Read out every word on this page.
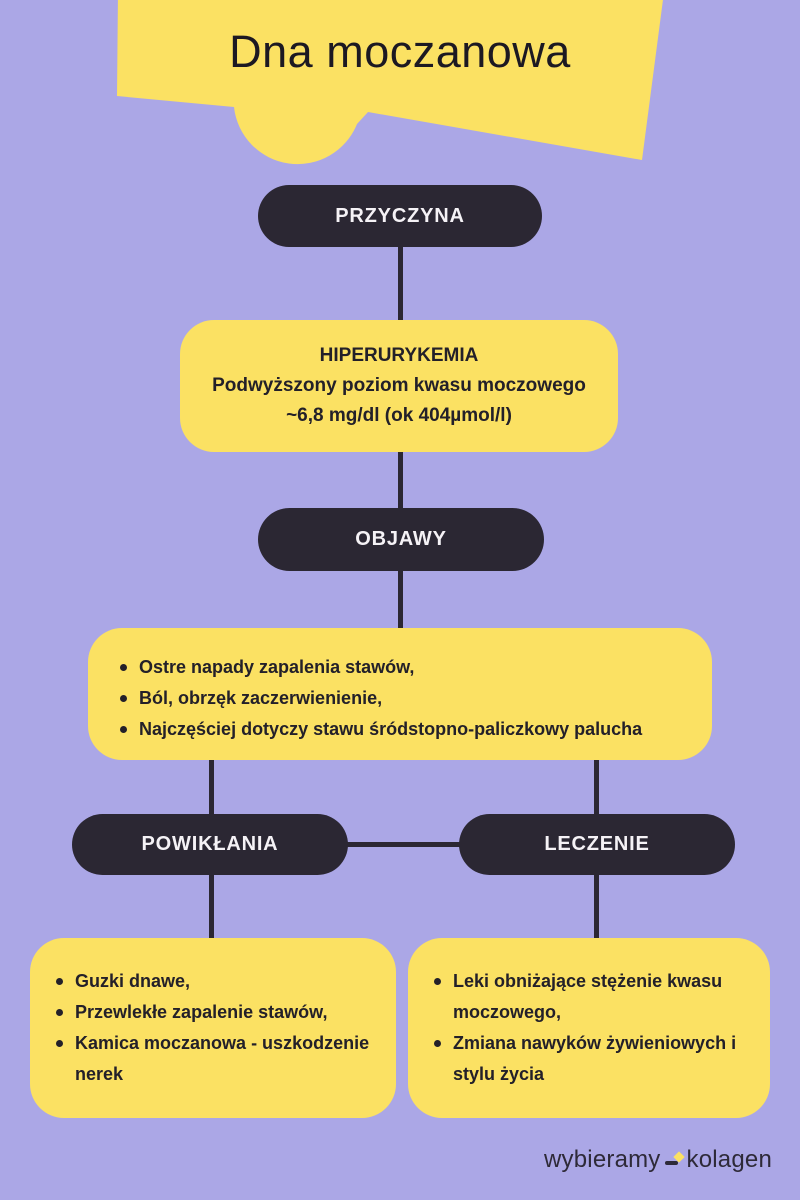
Dna moczanowa
PRZYCZYNA
HIPERURYKEMIA
Podwyższony poziom kwasu moczowego
~6,8 mg/dl (ok 404µmol/l)
OBJAWY
Ostre napady zapalenia stawów,
Ból, obrzęk zaczerwienienie,
Najczęściej dotyczy stawu śródstopno-paliczkowy palucha
POWIKŁANIA	LECZENIE
Guzki dnawe,
Przewlekłe zapalenie stawów,
Kamica moczanowa - uszkodzenie nerek
Leki obniżające stężenie kwasu moczowego,
Zmiana nawyków żywieniowych i stylu życia
wybieramy kolagen
